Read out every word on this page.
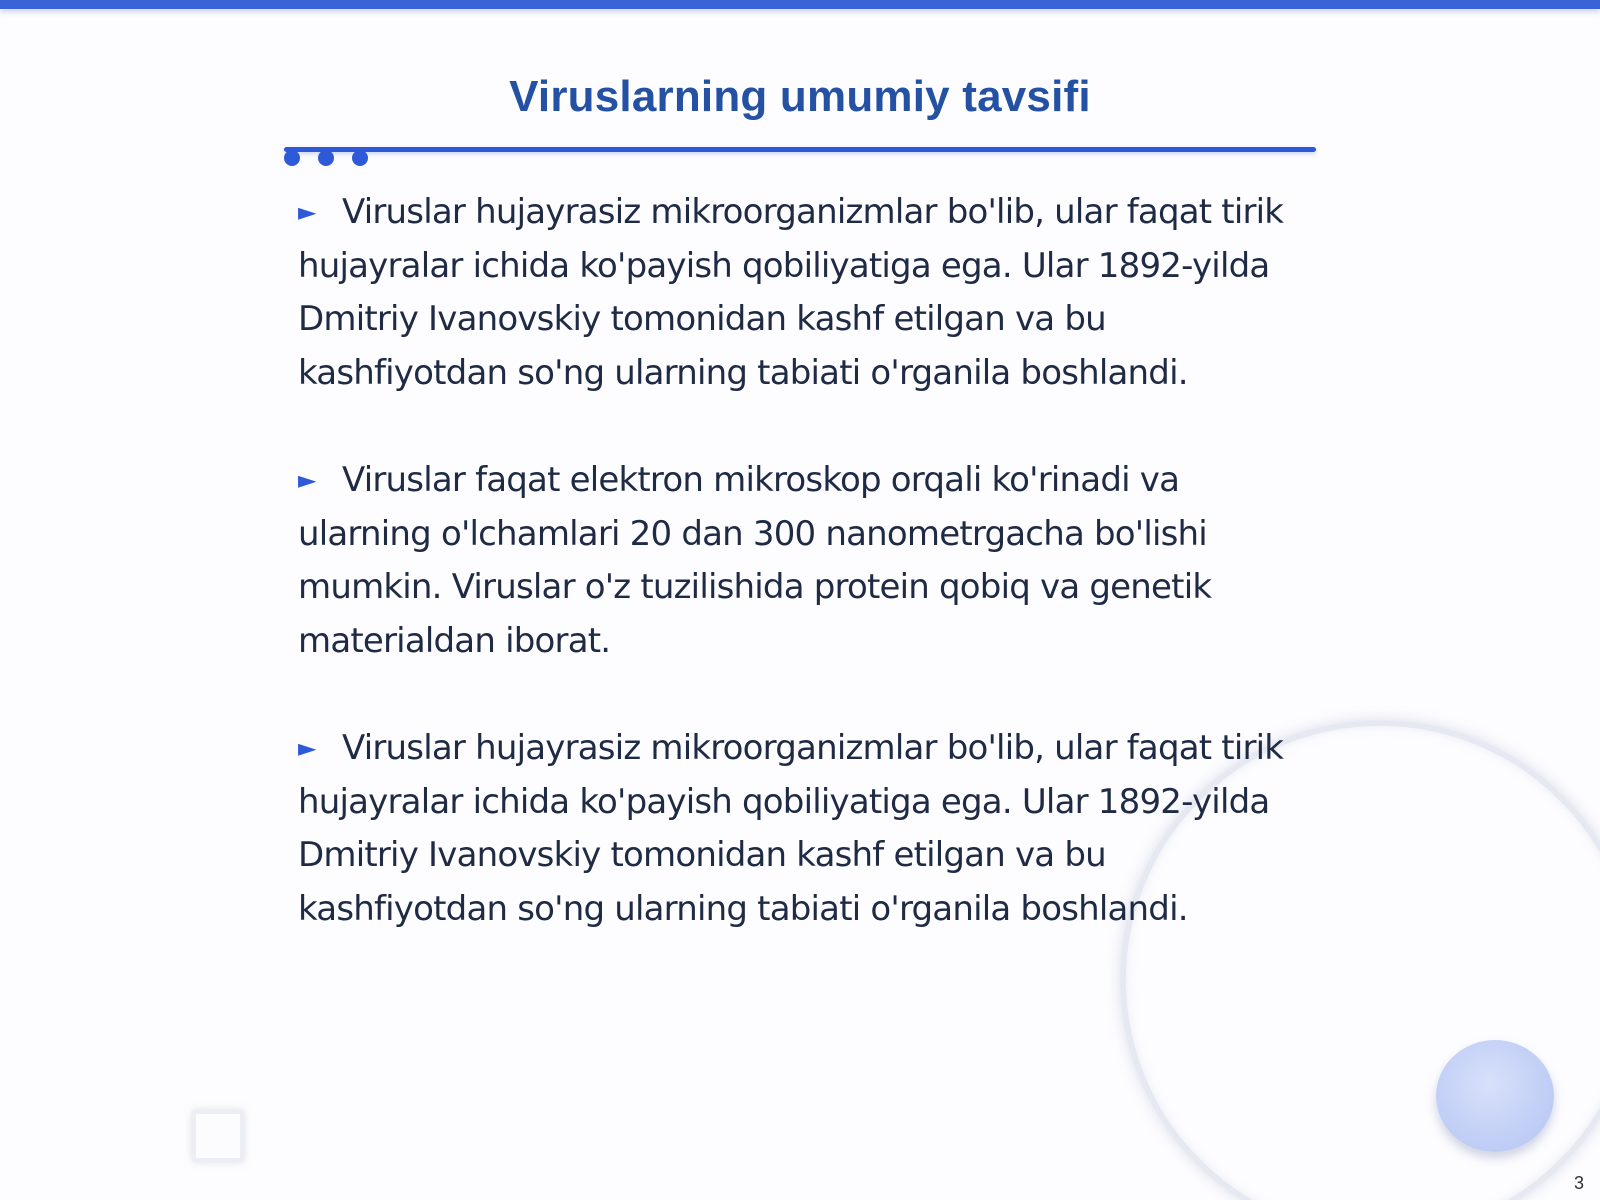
Viruslarning umumiy tavsifi

► Viruslar hujayrasiz mikroorganizmlar bo'lib, ular faqat tirik hujayralar ichida ko'payish qobiliyatiga ega. Ular 1892-yilda Dmitriy Ivanovskiy tomonidan kashf etilgan va bu kashfiyotdan so'ng ularning tabiati o'rganila boshlandi.

► Viruslar faqat elektron mikroskop orqali ko'rinadi va ularning o'lchamlari 20 dan 300 nanometrgacha bo'lishi mumkin. Viruslar o'z tuzilishida protein qobiq va genetik materialdan iborat.

► Viruslar hujayrasiz mikroorganizmlar bo'lib, ular faqat tirik hujayralar ichida ko'payish qobiliyatiga ega. Ular 1892-yilda Dmitriy Ivanovskiy tomonidan kashf etilgan va bu kashfiyotdan so'ng ularning tabiati o'rganila boshlandi.

3
